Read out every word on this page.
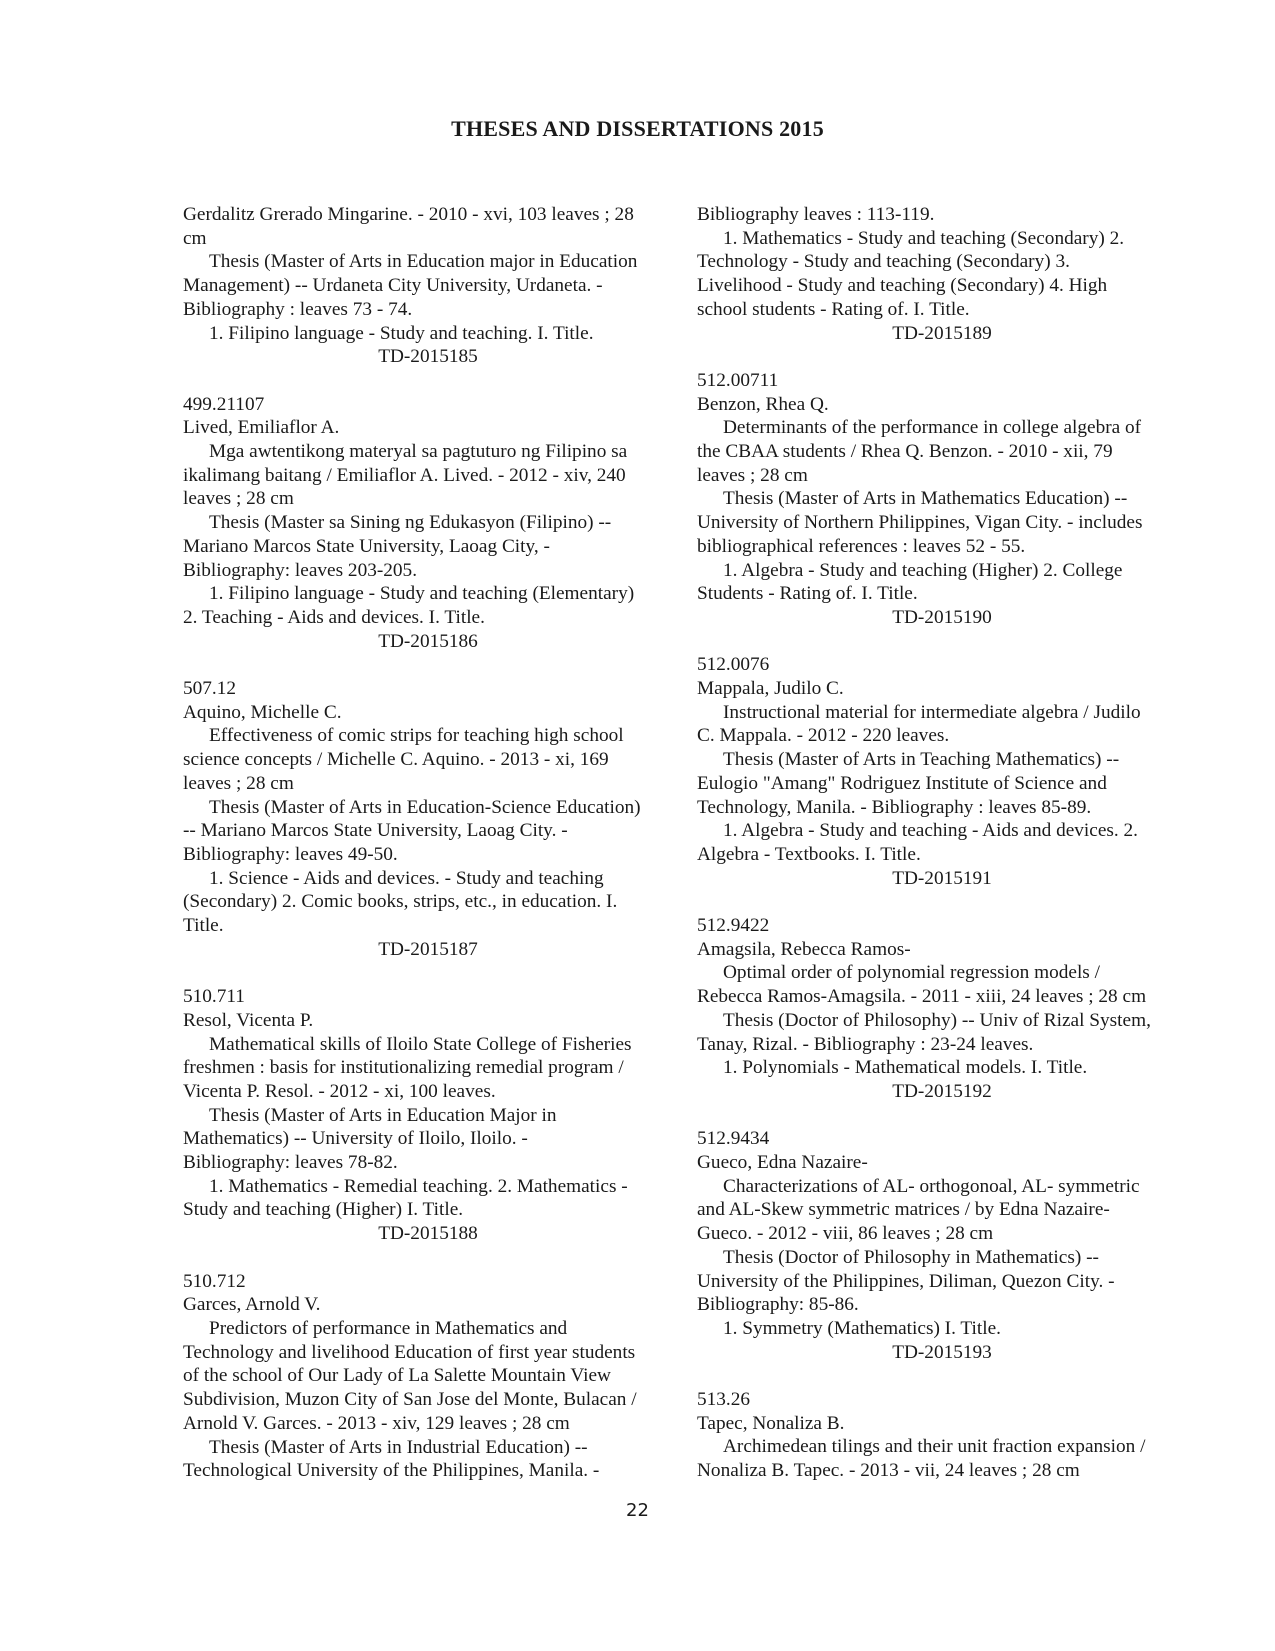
THESES AND DISSERTATIONS 2015

Gerdalitz Grerado Mingarine. - 2010 - xvi, 103 leaves ; 28

cm

Thesis (Master of Arts in Education major in Education

Management) -- Urdaneta City University, Urdaneta. -

Bibliography : leaves 73 - 74.

1. Filipino language - Study and teaching. I. Title.

TD-2015185

499.21107

Lived, Emiliaflor A.

Mga awtentikong materyal sa pagtuturo ng Filipino sa

ikalimang baitang / Emiliaflor A. Lived. - 2012 - xiv, 240

leaves ; 28 cm

Thesis (Master sa Sining ng Edukasyon (Filipino) --

Mariano Marcos State University, Laoag City, -

Bibliography: leaves 203-205.

1. Filipino language - Study and teaching (Elementary)

2. Teaching - Aids and devices. I. Title.

TD-2015186

507.12

Aquino, Michelle C.

Effectiveness of comic strips for teaching high school

science concepts / Michelle C. Aquino. - 2013 - xi, 169

leaves ; 28 cm

Thesis (Master of Arts in Education-Science Education)

-- Mariano Marcos State University, Laoag City. -

Bibliography: leaves 49-50.

1. Science - Aids and devices. - Study and teaching

(Secondary) 2. Comic books, strips, etc., in education. I.

Title.

TD-2015187

510.711

Resol, Vicenta P.

Mathematical skills of Iloilo State College of Fisheries

freshmen : basis for institutionalizing remedial program /

Vicenta P. Resol. - 2012 - xi, 100 leaves.

Thesis (Master of Arts in Education Major in

Mathematics) -- University of Iloilo, Iloilo. -

Bibliography: leaves 78-82.

1. Mathematics - Remedial teaching. 2. Mathematics -

Study and teaching (Higher) I. Title.

TD-2015188

510.712

Garces, Arnold V.

Predictors of performance in Mathematics and

Technology and livelihood Education of first year students

of the school of Our Lady of La Salette Mountain View

Subdivision, Muzon City of San Jose del Monte, Bulacan /

Arnold V. Garces. - 2013 - xiv, 129 leaves ; 28 cm

Thesis (Master of Arts in Industrial Education) --

Technological University of the Philippines, Manila. -

Bibliography leaves : 113-119.

1. Mathematics - Study and teaching (Secondary) 2.

Technology - Study and teaching (Secondary) 3.

Livelihood - Study and teaching (Secondary) 4. High

school students - Rating of. I. Title.

TD-2015189

512.00711

Benzon, Rhea Q.

Determinants of the performance in college algebra of

the CBAA students / Rhea Q. Benzon. - 2010 - xii, 79

leaves ; 28 cm

Thesis (Master of Arts in Mathematics Education) --

University of Northern Philippines, Vigan City. - includes

bibliographical references : leaves 52 - 55.

1. Algebra - Study and teaching (Higher) 2. College

Students - Rating of. I. Title.

TD-2015190

512.0076

Mappala, Judilo C.

Instructional material for intermediate algebra / Judilo

C. Mappala. - 2012 - 220 leaves.

Thesis (Master of Arts in Teaching Mathematics) --

Eulogio "Amang" Rodriguez Institute of Science and

Technology, Manila. - Bibliography : leaves 85-89.

1. Algebra - Study and teaching - Aids and devices. 2.

Algebra - Textbooks. I. Title.

TD-2015191

512.9422

Amagsila, Rebecca Ramos-

Optimal order of polynomial regression models /

Rebecca Ramos-Amagsila. - 2011 - xiii, 24 leaves ; 28 cm

Thesis (Doctor of Philosophy) -- Univ of Rizal System,

Tanay, Rizal. - Bibliography : 23-24 leaves.

1. Polynomials - Mathematical models. I. Title.

TD-2015192

512.9434

Gueco, Edna Nazaire-

Characterizations of AL- orthogonoal, AL- symmetric

and AL-Skew symmetric matrices / by Edna Nazaire-

Gueco. - 2012 - viii, 86 leaves ; 28 cm

Thesis (Doctor of Philosophy in Mathematics) --

University of the Philippines, Diliman, Quezon City. -

Bibliography: 85-86.

1. Symmetry (Mathematics) I. Title.

TD-2015193

513.26

Tapec, Nonaliza B.

Archimedean tilings and their unit fraction expansion /

Nonaliza B. Tapec. - 2013 - vii, 24 leaves ; 28 cm

22
